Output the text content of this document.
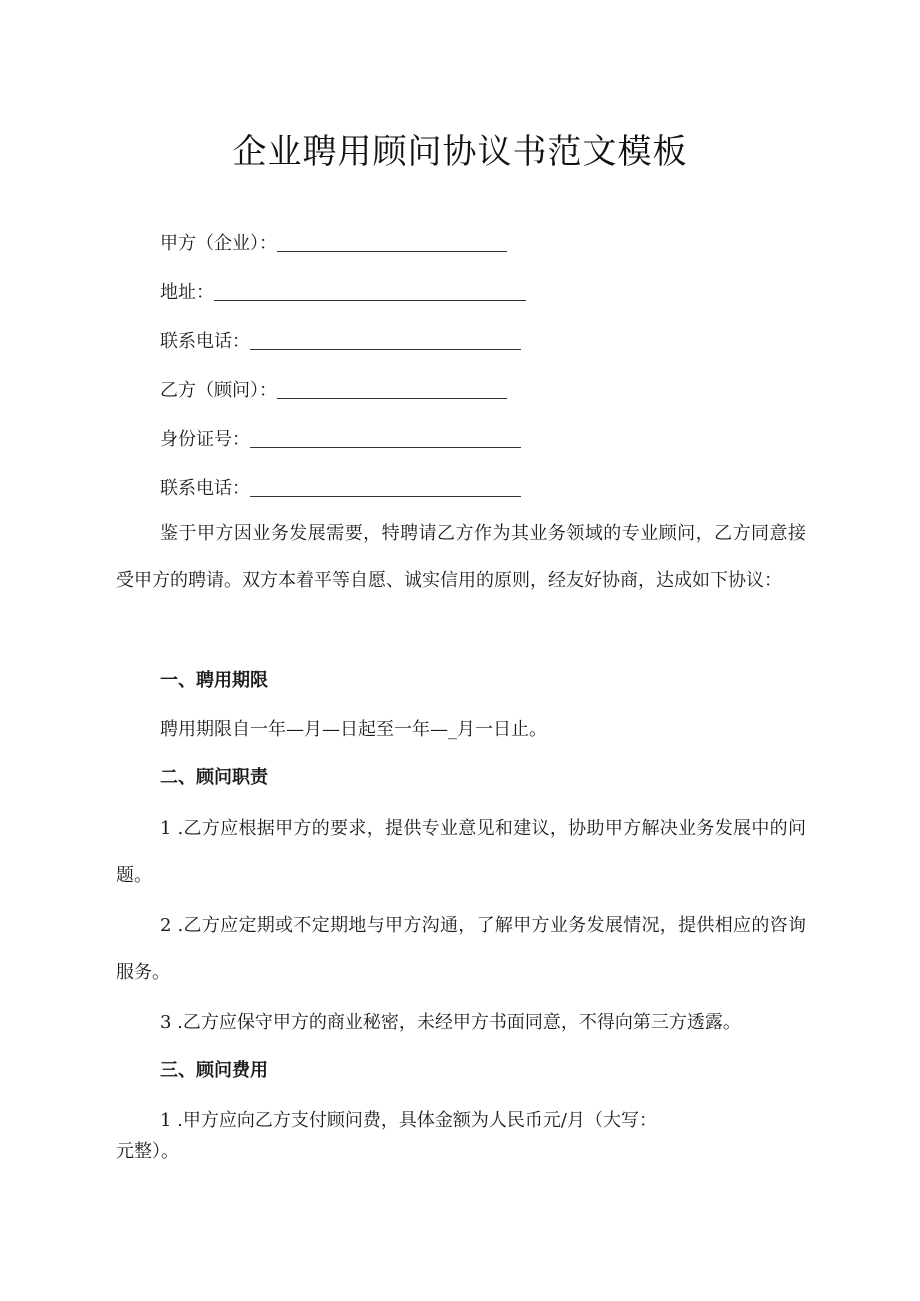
企业聘用顾问协议书范文模板
甲方（企业）：
地址：
联系电话：
乙方（顾问）：
身份证号：
联系电话：

鉴于甲方因业务发展需要，特聘请乙方作为其业务领域的专业顾问，乙方同意接受甲方的聘请。双方本着平等自愿、诚实信用的原则，经友好协商，达成如下协议：

一、聘用期限
聘用期限自一年—月—日起至一年—_月一日止。
二、顾问职责

1 .乙方应根据甲方的要求，提供专业意见和建议，协助甲方解决业务发展中的问题。

2 .乙方应定期或不定期地与甲方沟通，了解甲方业务发展情况，提供相应的咨询服务。

3 .乙方应保守甲方的商业秘密，未经甲方书面同意，不得向第三方透露。
三、顾问费用
1 .甲方应向乙方支付顾问费，具体金额为人民币元/月（大写：
元整）。
